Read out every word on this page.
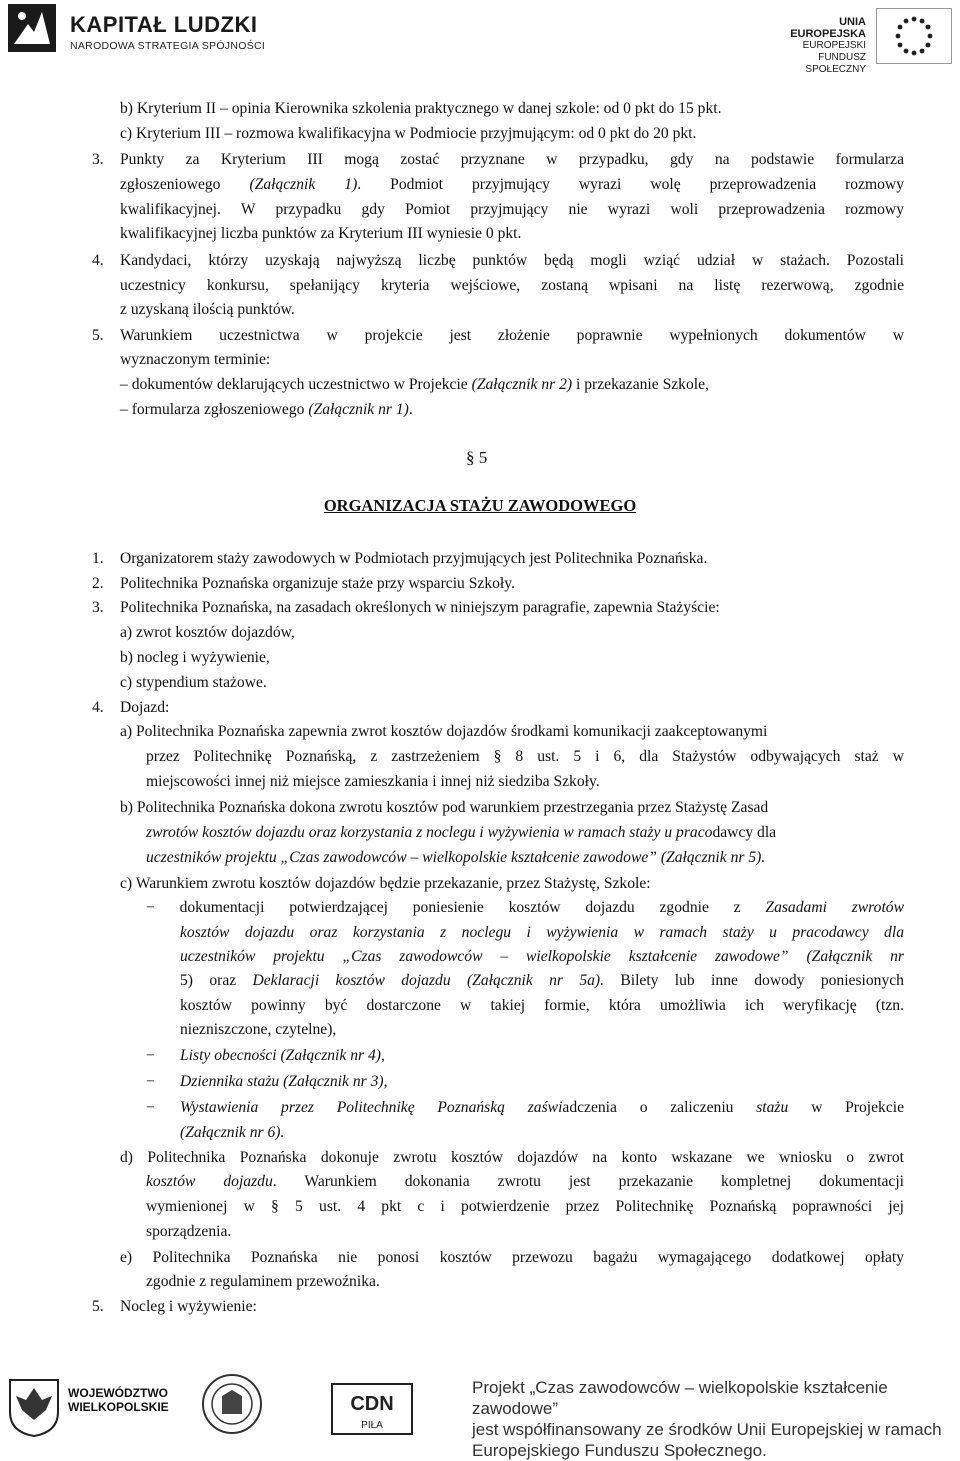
KAPITAŁ LUDZKI
NARODOWA STRATEGIA SPÓJNOŚCI
UNIA EUROPEJSKA
EUROPEJSKI
FUNDUSZ SPOŁECZNY
b) Kryterium II – opinia Kierownika szkolenia praktycznego w danej szkole: od 0 pkt do 15 pkt.
c) Kryterium III – rozmowa kwalifikacyjna w Podmiocie przyjmującym: od 0 pkt do 20 pkt.
3. Punkty za Kryterium III mogą zostać przyznane w przypadku, gdy na podstawie formularza
zgłoszeniowego (Załącznik 1). Podmiot przyjmujący wyrazi wolę przeprowadzenia rozmowy
kwalifikacyjnej. W przypadku gdy Pomiot przyjmujący nie wyrazi woli przeprowadzenia rozmowy
kwalifikacyjnej liczba punktów za Kryterium III wyniesie 0 pkt.
4. Kandydaci, którzy uzyskają najwyższą liczbę punktów będą mogli wziąć udział w stażach. Pozostali
uczestnicy konkursu, spełanijący kryteria wejściowe, zostaną wpisani na listę rezerwową, zgodnie
z uzyskaną ilością punktów.
5. Warunkiem uczestnictwa w projekcie jest złożenie poprawnie wypełnionych dokumentów w
wyznaczonym terminie:
– dokumentów deklarujących uczestnictwo w Projekcie (Załącznik nr 2) i przekazanie Szkole,
– formularza zgłoszeniowego (Załącznik nr 1).
§ 5
ORGANIZACJA STAŻU ZAWODOWEGO
1. Organizatorem staży zawodowych w Podmiotach przyjmujących jest Politechnika Poznańska.
2. Politechnika Poznańska organizuje staże przy wsparciu Szkoły.
3. Politechnika Poznańska, na zasadach określonych w niniejszym paragrafie, zapewnia Stażyście:
a) zwrot kosztów dojazdów,
b) nocleg i wyżywienie,
c) stypendium stażowe.
4. Dojazd:
a) Politechnika Poznańska zapewnia zwrot kosztów dojazdów środkami komunikacji zaakceptowanymi
przez Politechnikę Poznańską, z zastrzeżeniem § 8 ust. 5 i 6, dla Stażystów odbywających staż w
miejscowości innej niż miejsce zamieszkania i innej niż siedziba Szkoły.
b) Politechnika Poznańska dokona zwrotu kosztów pod warunkiem przestrzegania przez Stażystę Zasad
zwrotów kosztów dojazdu oraz korzystania z noclegu i wyżywienia w ramach staży u pracodawcy dla
uczestników projektu „Czas zawodowców – wielkopolskie kształcenie zawodowe” (Załącznik nr 5).
c) Warunkiem zwrotu kosztów dojazdów będzie przekazanie, przez Stażystę, Szkole:
− dokumentacji potwierdzającej poniesienie kosztów dojazdu zgodnie z Zasadami zwrotów
kosztów dojazdu oraz korzystania z noclegu i wyżywienia w ramach staży u pracodawcy dla
uczestników projektu „Czas zawodowców – wielkopolskie kształcenie zawodowe” (Załącznik nr
5) oraz Deklaracji kosztów dojazdu (Załącznik nr 5a). Bilety lub inne dowody poniesionych
kosztów powinny być dostarczone w takiej formie, która umożliwia ich weryfikację (tzn.
niezniszczone, czytelne),
−	Listy obecności (Załącznik nr 4),
−	Dziennika stażu (Załącznik nr 3),
−	Wystawienia przez Politechnikę Poznańską zaświadczenia o zaliczeniu stażu w Projekcie
(Załącznik nr 6).
d) Politechnika Poznańska dokonuje zwrotu kosztów dojazdów na konto wskazane we wniosku o zwrot
kosztów dojazdu. Warunkiem dokonania zwrotu jest przekazanie kompletnej dokumentacji
wymienionej w § 5 ust. 4 pkt c i potwierdzenie przez Politechnikę Poznańską poprawności jej
sporządzenia.
e) Politechnika Poznańska nie ponosi kosztów przewozu bagażu wymagającego dodatkowej opłaty
zgodnie z regulaminem przewoźnika.
5. Nocleg i wyżywienie:
WOJEWÓDZTWO
WIELKOPOLSKIE	CDN
PIŁA
Projekt „Czas zawodowców – wielkopolskie kształcenie zawodowe”
jest współfinansowany ze środków Unii Europejskiej w ramach
Europejskiego Funduszu Społecznego.
